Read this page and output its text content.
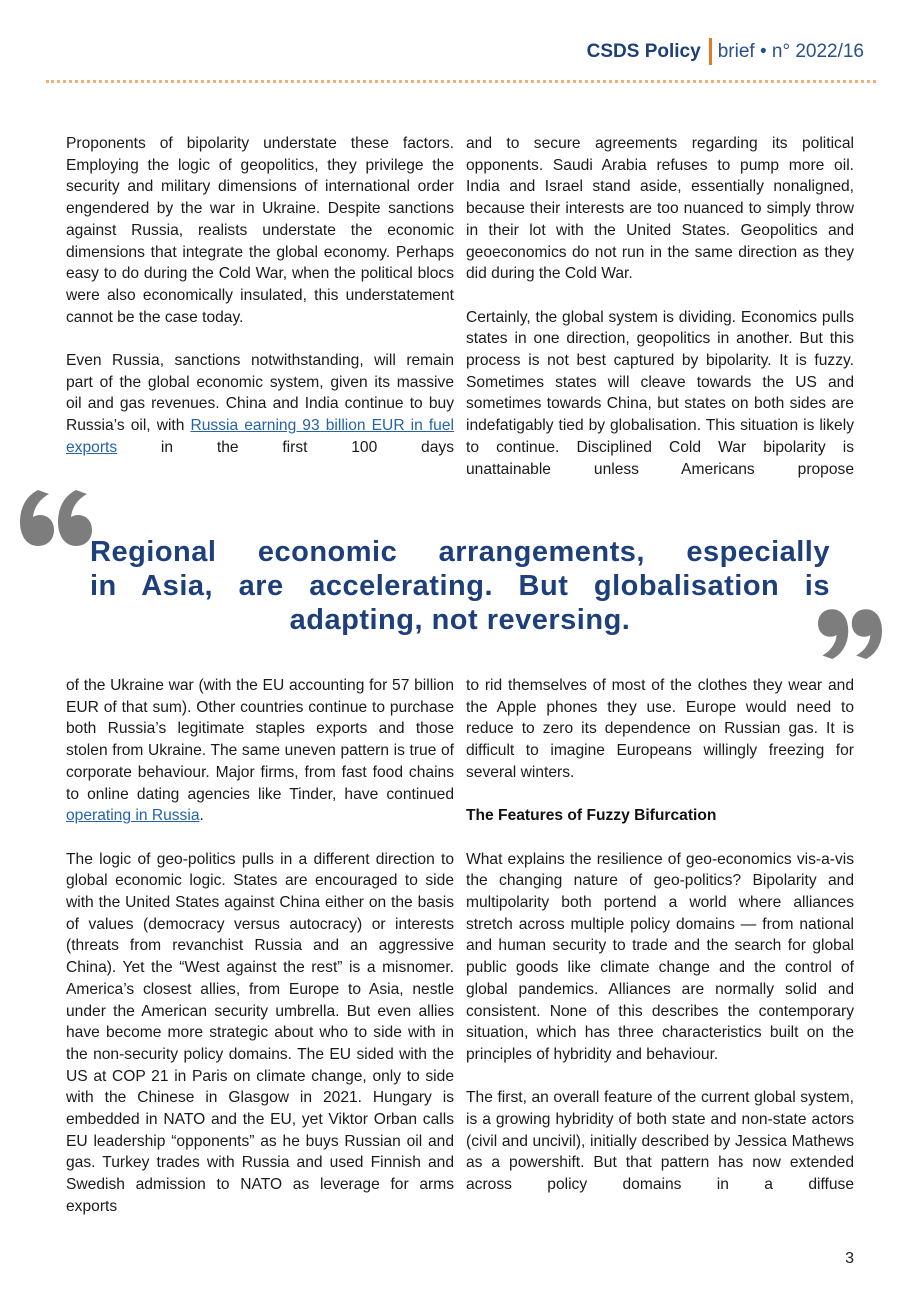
CSDS Policy brief • n° 2022/16

Proponents of bipolarity understate these factors. Employing the logic of geopolitics, they privilege the security and military dimensions of international order engendered by the war in Ukraine. Despite sanctions against Russia, realists understate the economic dimensions that integrate the global economy. Perhaps easy to do during the Cold War, when the political blocs were also economically insulated, this understatement cannot be the case today.

Even Russia, sanctions notwithstanding, will remain part of the global economic system, given its massive oil and gas revenues. China and India continue to buy Russia’s oil, with Russia earning 93 billion EUR in fuel exports in the first 100 days

and to secure agreements regarding its political opponents. Saudi Arabia refuses to pump more oil. India and Israel stand aside, essentially nonaligned, because their interests are too nuanced to simply throw in their lot with the United States. Geopolitics and geoeconomics do not run in the same direction as they did during the Cold War.

Certainly, the global system is dividing. Economics pulls states in one direction, geopolitics in another. But this process is not best captured by bipolarity. It is fuzzy. Sometimes states will cleave towards the US and sometimes towards China, but states on both sides are indefatigably tied by globalisation. This situation is likely to continue. Disciplined Cold War bipolarity is unattainable unless Americans propose

Regional economic arrangements, especially
in Asia, are accelerating. But globalisation is
adapting, not reversing.

of the Ukraine war (with the EU accounting for 57 billion EUR of that sum). Other countries continue to purchase both Russia’s legitimate staples exports and those stolen from Ukraine. The same uneven pattern is true of corporate behaviour. Major firms, from fast food chains to online dating agencies like Tinder, have continued operating in Russia.

The logic of geo-politics pulls in a different direction to global economic logic. States are encouraged to side with the United States against China either on the basis of values (democracy versus autocracy) or interests (threats from revanchist Russia and an aggressive China). Yet the “West against the rest” is a misnomer. America’s closest allies, from Europe to Asia, nestle under the American security umbrella. But even allies have become more strategic about who to side with in the non-security policy domains. The EU sided with the US at COP 21 in Paris on climate change, only to side with the Chinese in Glasgow in 2021. Hungary is embedded in NATO and the EU, yet Viktor Orban calls EU leadership “opponents” as he buys Russian oil and gas. Turkey trades with Russia and used Finnish and Swedish admission to NATO as leverage for arms exports

to rid themselves of most of the clothes they wear and the Apple phones they use. Europe would need to reduce to zero its dependence on Russian gas. It is difficult to imagine Europeans willingly freezing for several winters.

The Features of Fuzzy Bifurcation

What explains the resilience of geo-economics vis-a-vis the changing nature of geo-politics? Bipolarity and multipolarity both portend a world where alliances stretch across multiple policy domains — from national and human security to trade and the search for global public goods like climate change and the control of global pandemics. Alliances are normally solid and consistent. None of this describes the contemporary situation, which has three characteristics built on the principles of hybridity and behaviour.

The first, an overall feature of the current global system, is a growing hybridity of both state and non-state actors (civil and uncivil), initially described by Jessica Mathews as a powershift. But that pattern has now extended across policy domains in a diffuse

3
